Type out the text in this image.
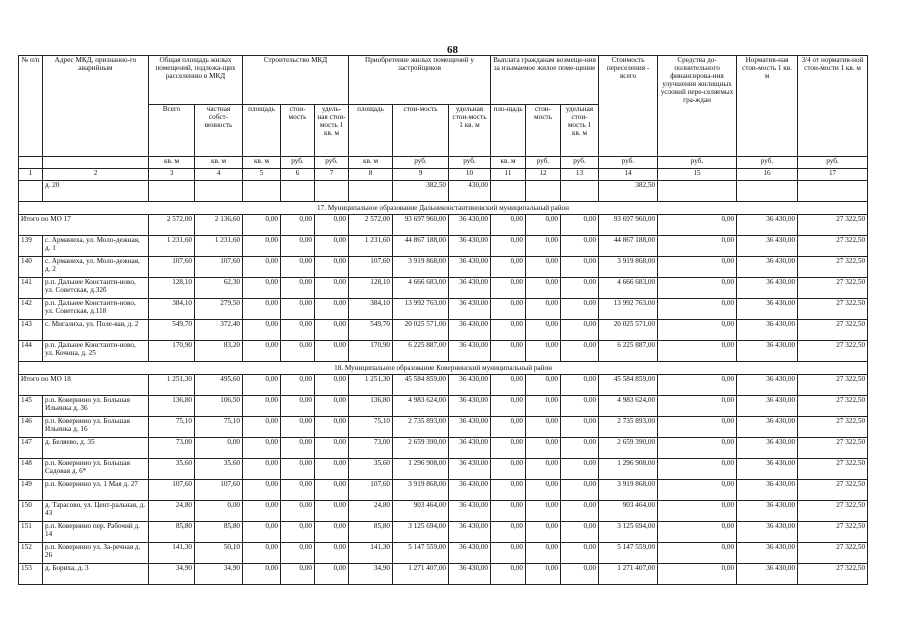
68
№ п/п	Адрес МКД, признанно-го аварийным	Общая площадь жилых помещений, подлежа-щих расселению в МКД		Строительство МКД			Приобретение жилых помещений у застройщиков			Выплата гражданам возмеще-ния за изымаемое жилое поме-щение			Стоимость переселения - всего	Средства до-полнительного финансирова-ния улучшения жилищных условий пере-селяемых гра-ждан	Норматив-ная стои-мость 1 кв. м	3/4 от норматив-ной стои-мости 1 кв. м
		Всего	частная собст-венность	площадь	стои-мость	удель-ная стои-мость 1 кв. м	площадь	стои-мость	удельная стои-мость 1 кв. м	пло-щадь	стои-мость	удельная стои-мость 1 кв. м				
		кв. м	кв. м	кв. м	руб.	руб.	кв. м	руб.	руб.	кв. м	руб.	руб.	руб.	руб.	руб.	руб.
1	2	3	4	5	6	7	8	9	10	11	12	13	14	15	16	17
	д. 20							382,50	430,00				382,50			
17. Муниципальное образование Дальнеконстантиновский муниципальный район																
Итого по МО 17		2 572,00	2 136,60	0,00	0,00	0,00	2 572,00	93 697 960,00	36 430,00	0,00	0,00	0,00	93 697 960,00	0,00	36 430,00	27 322,50
139	с. Арманиха, ул. Моло-дежная, д. 1	1 231,60	1 231,60	0,00	0,00	0,00	1 231,60	44 867 188,00	36 430,00	0,00	0,00	0,00	44 867 188,00	0,00	36 430,00	27 322,50
140	с. Арманиха, ул. Моло-дежная, д. 2	107,60	107,60	0,00	0,00	0,00	107,60	3 919 868,00	36 430,00	0,00	0,00	0,00	3 919 868,00	0,00	36 430,00	27 322,50
141	р.п. Дальнее Константи-ново, ул. Советская, д.32б	128,10	62,30	0,00	0,00	0,00	128,10	4 666 683,00	36 430,00	0,00	0,00	0,00	4 666 683,00	0,00	36 430,00	27 322,50
142	р.п. Дальнее Константи-ново, ул. Советская, д.118	384,10	279,50	0,00	0,00	0,00	384,10	13 992 763,00	36 430,00	0,00	0,00	0,00	13 992 763,00	0,00	36 430,00	27 322,50
143	с. Мигалиха, ул. Поле-вая, д. 2	549,70	372,40	0,00	0,00	0,00	549,70	20 025 571,00	36 430,00	0,00	0,00	0,00	20 025 571,00	0,00	36 430,00	27 322,50
144	р.п. Дальнее Константи-ново, ул. Кочина, д. 25	170,90	83,20	0,00	0,00	0,00	170,90	6 225 887,00	36 430,00	0,00	0,00	0,00	6 225 887,00	0,00	36 430,00	27 322,50
18. Муниципальное образование Ковернинский муниципальный район																
Итого по МО 18		1 251,30	495,60	0,00	0,00	0,00	1 251,30	45 584 859,00	36 430,00	0,00	0,00	0,00	45 584 859,00	0,00	36 430,00	27 322,50
145	р.п. Ковернино ул. Большая Ильинка д. 36	136,80	106,50	0,00	0,00	0,00	136,80	4 983 624,00	36 430,00	0,00	0,00	0,00	4 983 624,00	0,00	36 430,00	27 322,50
146	р.п. Ковернино ул. Большая Ильинка д. 16	75,10	75,10	0,00	0,00	0,00	75,10	2 735 893,00	36 430,00	0,00	0,00	0,00	2 735 893,00	0,00	36 430,00	27 322,50
147	д. Беляево, д. 35	73,00	0,00	0,00	0,00	0,00	73,00	2 659 390,00	36 430,00	0,00	0,00	0,00	2 659 390,00	0,00	36 430,00	27 322,50
148	р.п. Ковернино ул. Большая Садовая д. 6*	35,60	35,60	0,00	0,00	0,00	35,60	1 296 908,00	36 430,00	0,00	0,00	0,00	1 296 908,00	0,00	36 430,00	27 322,50
149	р.п. Ковернино ул. 1 Мая д. 27	107,60	107,60	0,00	0,00	0,00	107,60	3 919 868,00	36 430,00	0,00	0,00	0,00	3 919 868,00	0,00	36 430,00	27 322,50
150	д. Тарасово, ул. Цент-ральная, д. 43	24,80	0,00	0,00	0,00	0,00	24,80	903 464,00	36 430,00	0,00	0,00	0,00	903 464,00	0,00	36 430,00	27 322,50
151	р.п. Ковернино пер. Рабочий д. 14	85,80	85,80	0,00	0,00	0,00	85,80	3 125 694,00	36 430,00	0,00	0,00	0,00	3 125 694,00	0,00	36 430,00	27 322,50
152	р.п. Ковернино ул. За-речная д. 26	141,30	50,10	0,00	0,00	0,00	141,30	5 147 559,00	36 430,00	0,00	0,00	0,00	5 147 559,00	0,00	36 430,00	27 322,50
153	д. Бориха, д. 3	34,90	34,90	0,00	0,00	0,00	34,90	1 271 407,00	36 430,00	0,00	0,00	0,00	1 271 407,00	0,00	36 430,00	27 322,50
